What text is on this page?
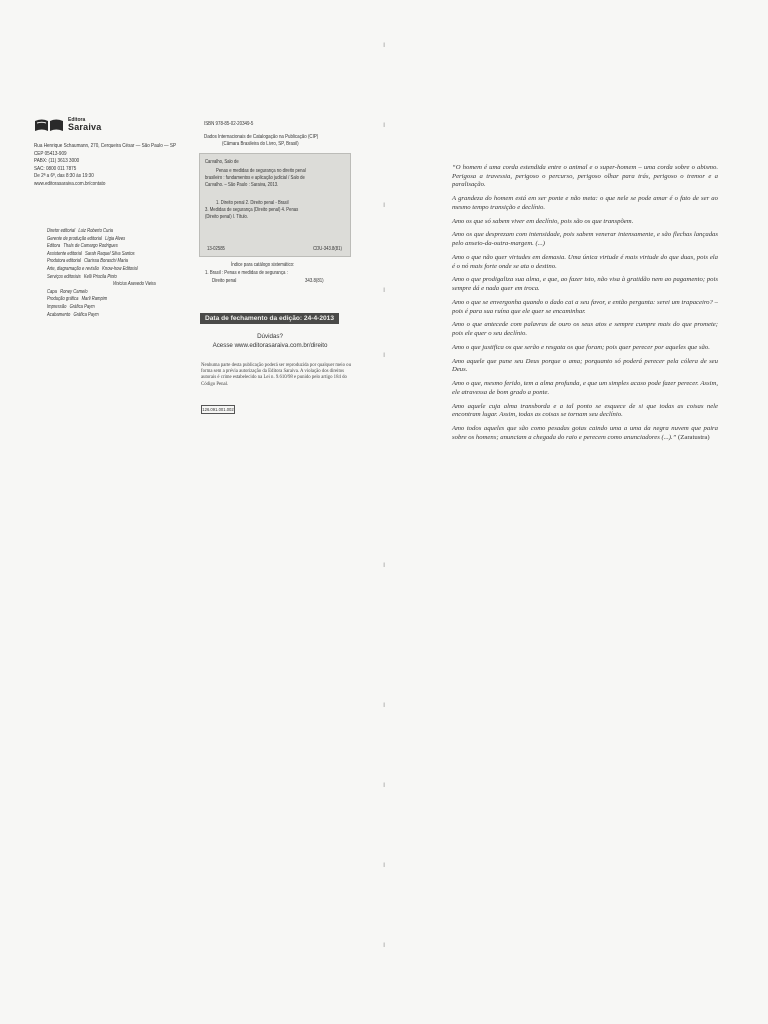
Editora
Saraiva
Rua Henrique Schaumann, 270, Cerqueira César — São Paulo — SP
CEP 05413-909
PABX: (11) 3613 3000
SAC: 0800 011 7875
De 2ª a 6ª, das 8:30 às 19:30
www.editorasaraiva.com.br/contato
Diretor editorial Luiz Roberto Curia
Gerente de produção editorial Lígia Alves
Editora Thaís de Camargo Rodrigues
Assistente editorial Sarah Raquel Silva Santos
Produtora editorial Clarissa Boraschi Maria
Arte, diagramação e revisão Know-how Editorial
Serviços editoriais Kelli Priscila Pinto
Vinicius Asevedo Vieira
Capa Roney Camelo
Produção gráfica Marli Rampim
Impressão Gráfica Paym
Acabamento Gráfica Paym
ISBN 978-85-02-20349-5
Dados Internacionais de Catalogação na Publicação (CIP)
(Câmara Brasileira do Livro, SP, Brasil)
Carvalho, Salo de
Penas e medidas de segurança no direito penal
brasileiro : fundamentos e aplicação judicial / Salo de
Carvalho. – São Paulo : Saraiva, 2013.
1. Direito penal 2. Direito penal - Brasil
3. Medidas de segurança (Direito penal) 4. Penas
(Direito penal) I. Título.
13-02585	CDU-343.8(81)
Índice para catálogo sistemático:
1. Brasil : Penas e medidas de segurança :
Direito penal	343.8(81)
Data de fechamento da edição: 24-4-2013
Dúvidas?
Acesse www.editorasaraiva.com.br/direito
Nenhuma parte desta publicação poderá ser reproduzida por qualquer meio ou forma sem a prévia autorização da Editora Saraiva. A violação dos direitos autorais é crime estabelecido na Lei n. 9.610/98 e punido pelo artigo 184 do Código Penal.
126.091.001.002
ı
ı
ı
ı
ı
ı
ı
ı
ı
ı

“O homem é uma corda estendida entre o animal e o super-homem – uma corda sobre o abismo. Perigosa a travessia, perigoso o percurso, perigoso olhar para trás, perigoso o tremor e a paralisação.

A grandeza do homem está em ser ponte e não meta: o que nele se pode amar é o fato de ser ao mesmo tempo transição e declínio.

Amo os que só sabem viver em declínio, pois são os que transpõem.

Amo os que desprezam com intensidade, pois sabem venerar intensamente, e são flechas lançadas pelo anseio-da-outra-margem. (...)

Amo o que não quer virtudes em demasia. Uma única virtude é mais virtude do que duas, pois ela é o nó mais forte onde se ata o destino.

Amo o que prodigaliza sua alma, e que, ao fazer isto, não visa à gratidão nem ao pagamento; pois sempre dá e nada quer em troca.

Amo o que se envergonha quando o dado cai a seu favor, e então pergunta: serei um trapaceiro? – pois é para sua ruína que ele quer se encaminhar.

Amo o que antecede com palavras de ouro os seus atos e sempre cumpre mais do que promete; pois ele quer o seu declínio.

Amo o que justifica os que serão e resgata os que foram; pois quer perecer por aqueles que são.

Amo aquele que pune seu Deus porque o ama; porquanto só poderá perecer pela cólera de seu Deus.

Amo o que, mesmo ferido, tem a alma profunda, e que um simples acaso pode fazer perecer. Assim, ele atravessa de bom grado a ponte.

Amo aquele cuja alma transborda e a tal ponto se esquece de si que todas as coisas nele encontram lugar. Assim, todas as coisas se tornam seu declínio.

Amo todos aqueles que são como pesadas gotas caindo uma a uma da negra nuvem que paira sobre os homens; anunciam a chegada do raio e perecem como anunciadores (...).” (Zaratustra)
